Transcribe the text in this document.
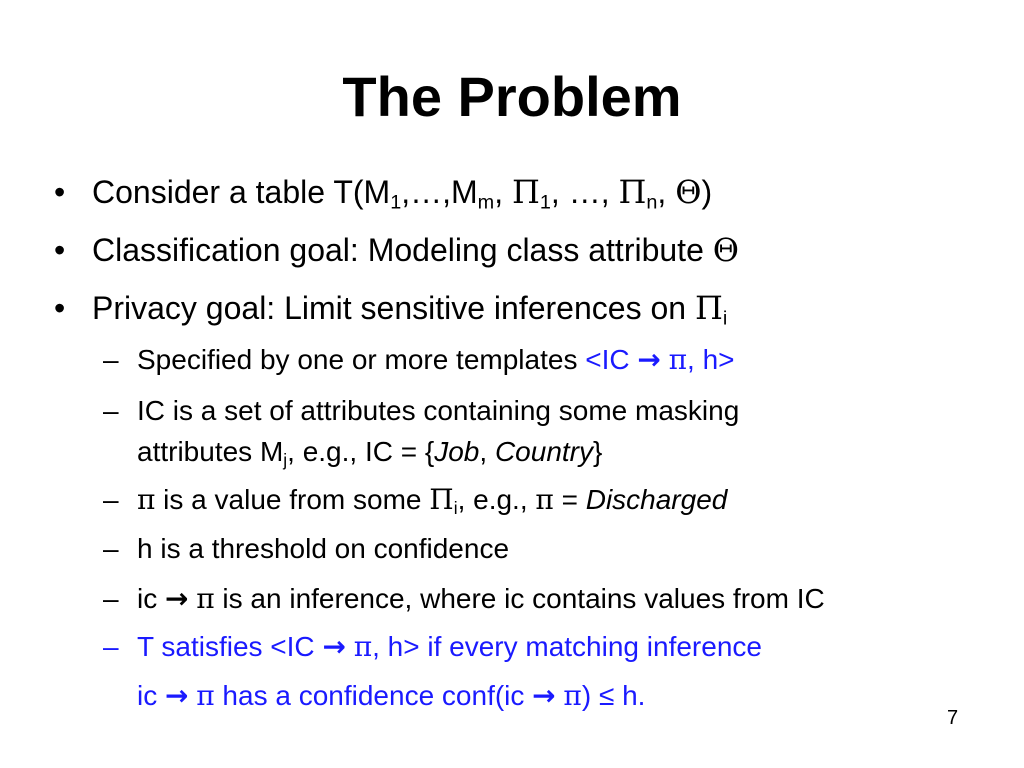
The Problem
• Consider a table $T(M_1,\dots,M_m$, $\Pi_1$, …, $\Pi_n$, Θ)
• Classification goal: Modeling class attribute Θ
• Privacy goal: Limit sensitive inferences on $\Pi_i$
– Specified by one or more templates <IC → π, h>
– IC is a set of attributes containing some masking
attributes $M_j$, e.g., IC = {Job, Country}
– π is a value from some $\Pi_i$, e.g., π = Discharged
– h is a threshold on confidence
– ic → π is an inference, where ic contains values from IC
– T satisfies <IC → π, h> if every matching inference
ic → π has a confidence conf(ic → π) ≤ h.
7
